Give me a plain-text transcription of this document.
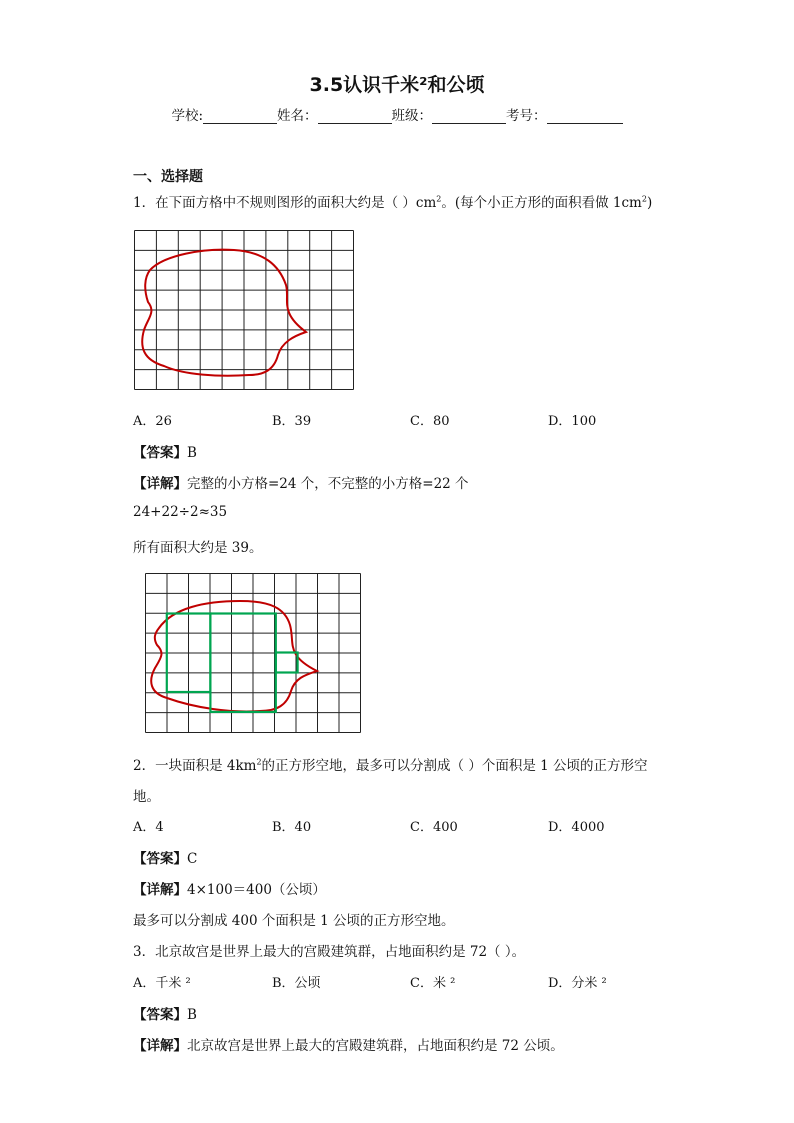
3.5认识千米²和公顷
学校:	姓名：	班级：	考号：
一、选择题
1．在下面方格中不规则图形的面积大约是（ ）$cm^2$。(每个小正方形的面积看做 $1cm^2$)
A．26	B．39	C．80	D．100
【答案】B
【详解】完整的小方格=24 个，不完整的小方格=22 个
24+22÷2≈35
所有面积大约是 39。
2．一块面积是 $4km^2$的正方形空地，最多可以分割成（ ）个面积是 1 公顷的正方形空
地。
A．4	B．40	C．400	D．4000
【答案】C
【详解】4×100＝400（公顷）
最多可以分割成 400 个面积是 1 公顷的正方形空地。
3．北京故宫是世界上最大的宫殿建筑群，占地面积约是 72（ ）。
A．千米 ²	B．公顷	C．米 ²	D．分米 ²
【答案】B
【详解】北京故宫是世界上最大的宫殿建筑群，占地面积约是 72 公顷。
